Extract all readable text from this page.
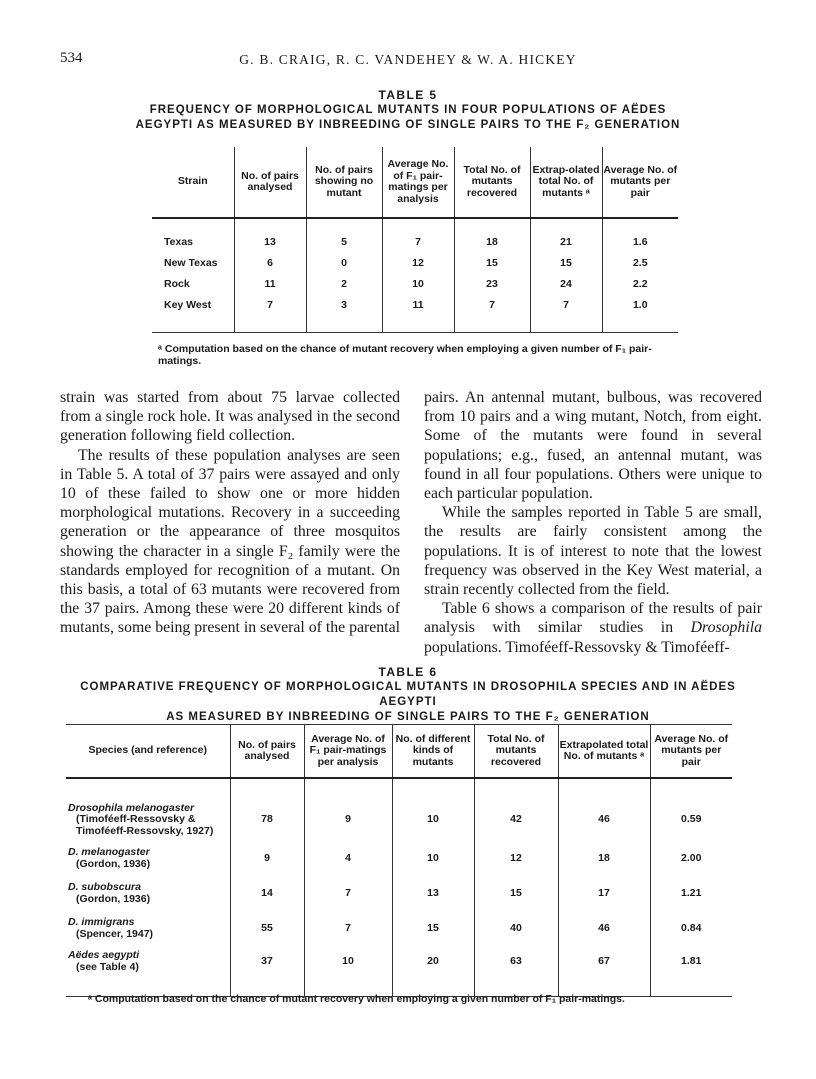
534	G. B. CRAIG, R. C. VANDEHEY & W. A. HICKEY
TABLE 5
FREQUENCY OF MORPHOLOGICAL MUTANTS IN FOUR POPULATIONS OF AËDES
AEGYPTI AS MEASURED BY INBREEDING OF SINGLE PAIRS TO THE F₂ GENERATION
Strain	No. of pairs analysed	No. of pairs showing no mutant	Average No. of F₁ pair-matings per analysis	Total No. of mutants recovered	Extrap-olated total No. of mutants ᵃ	Average No. of mutants per pair

Texas	13	5	7	18	21	1.6
New Texas	6	0	12	15	15	2.5
Rock	11	2	10	23	24	2.2
Key West	7	3	11	7	7	1.0

ᵃ Computation based on the chance of mutant recovery when employing a given number of F₁ pair-matings.

strain was started from about 75 larvae collected from a single rock hole. It was analysed in the second generation following field collection.

The results of these population analyses are seen in Table 5. A total of 37 pairs were assayed and only 10 of these failed to show one or more hidden morphological mutations. Recovery in a succeeding generation or the appearance of three mosquitos showing the character in a single F₂ family were the standards employed for recognition of a mutant. On this basis, a total of 63 mutants were recovered from the 37 pairs. Among these were 20 different kinds of mutants, some being present in several of the parental

pairs. An antennal mutant, bulbous, was recovered from 10 pairs and a wing mutant, Notch, from eight. Some of the mutants were found in several populations; e.g., fused, an antennal mutant, was found in all four populations. Others were unique to each particular population.

While the samples reported in Table 5 are small, the results are fairly consistent among the populations. It is of interest to note that the lowest frequency was observed in the Key West material, a strain recently collected from the field.

Table 6 shows a comparison of the results of pair analysis with similar studies in Drosophila populations. Timoféeff-Ressovsky & Timoféeff-

TABLE 6
COMPARATIVE FREQUENCY OF MORPHOLOGICAL MUTANTS IN DROSOPHILA SPECIES AND IN AËDES AEGYPTI
AS MEASURED BY INBREEDING OF SINGLE PAIRS TO THE F₂ GENERATION
Species (and reference)	No. of pairs analysed	Average No. of F₁ pair-matings per analysis	No. of different kinds of mutants	Total No. of mutants recovered	Extrapolated total No. of mutants ᵃ	Average No. of mutants per pair

Drosophila melanogaster
(Timoféeff-Ressovsky &
Timoféeff-Ressovsky, 1927)	78	9	10	42	46	0.59
D. melanogaster
(Gordon, 1936)	9	4	10	12	18	2.00
D. subobscura
(Gordon, 1936)	14	7	13	15	17	1.21
D. immigrans
(Spencer, 1947)	55	7	15	40	46	0.84
Aëdes aegypti
(see Table 4)	37	10	20	63	67	1.81
ᵃ Computation based on the chance of mutant recovery when employing a given number of F₁ pair-matings.
